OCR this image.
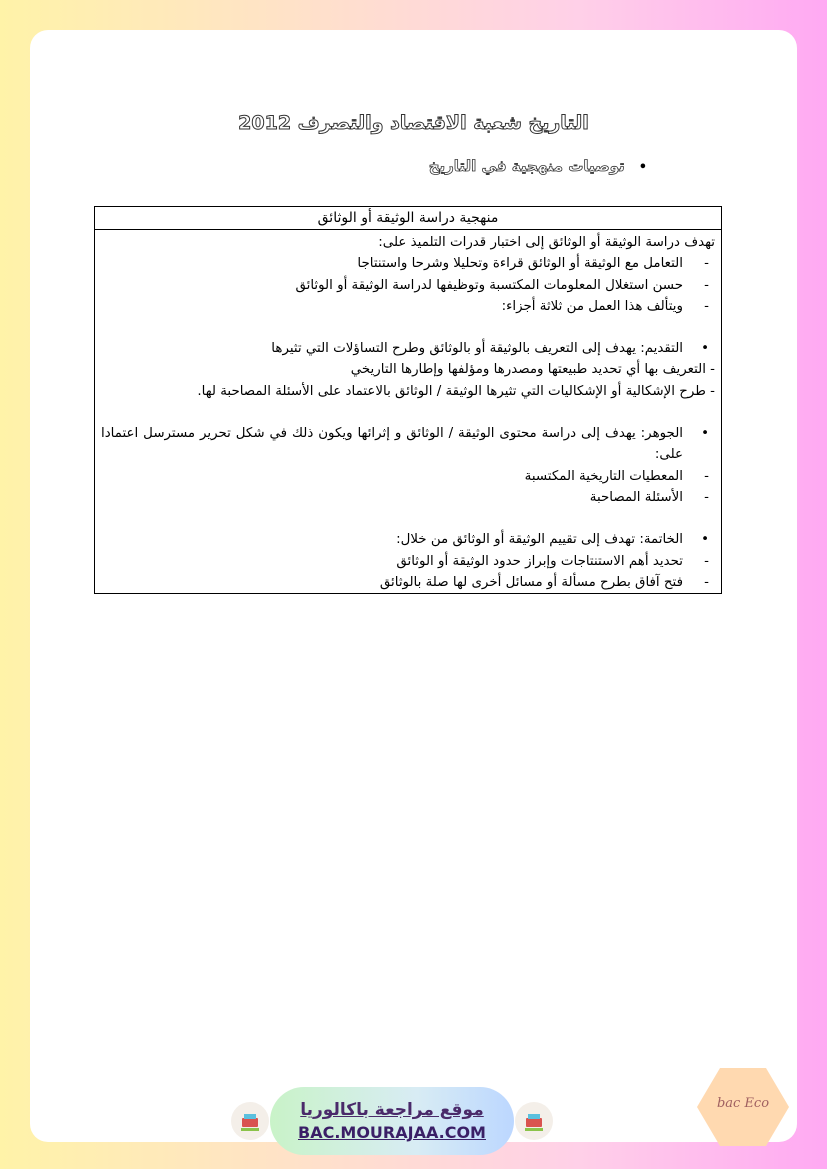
التاريخ شعبة الاقتصاد والتصرف 2012
•توصيات منهجية في التاريخ
منهجية دراسة الوثيقة أو الوثائق
تهدف دراسة الوثيقة أو الوثائق إلى اختبار قدرات التلميذ على:
-
التعامل مع الوثيقة أو الوثائق قراءة وتحليلا وشرحا واستنتاجا
-
حسن استغلال المعلومات المكتسبة وتوظيفها لدراسة الوثيقة أو الوثائق
-
ويتألف هذا العمل من ثلاثة أجزاء:
•
التقديم: يهدف إلى التعريف بالوثيقة أو بالوثائق وطرح التساؤلات التي تثيرها
- التعريف بها أي تحديد طبيعتها ومصدرها ومؤلفها وإطارها التاريخي
- طرح الإشكالية أو الإشكاليات التي تثيرها الوثيقة / الوثائق بالاعتماد على الأسئلة المصاحبة لها.
•
الجوهر: يهدف إلى دراسة محتوى الوثيقة / الوثائق و إثرائها ويكون ذلك في شكل تحرير مسترسل اعتمادا على:
-
المعطيات التاريخية المكتسبة
-
الأسئلة المصاحبة
•
الخاتمة: تهدف إلى تقييم الوثيقة أو الوثائق من خلال:
-
تحديد أهم الاستنتاجات وإبراز حدود الوثيقة أو الوثائق
-
فتح آفاق بطرح مسألة أو مسائل أخرى لها صلة بالوثائق
موقع مراجعة باكالوريا
BAC.MOURAJAA.COM
bac Eco
